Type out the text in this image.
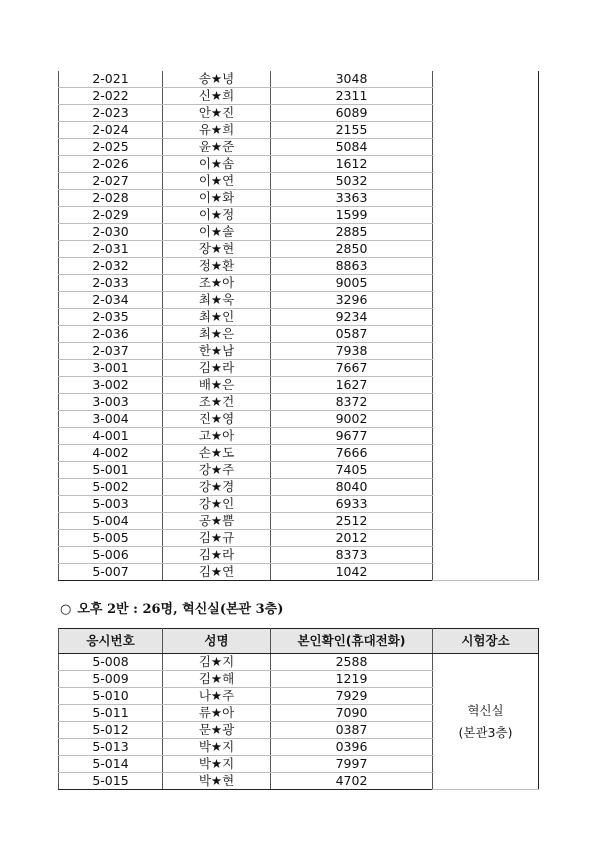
2-021	송★녕	3048	
2-022	신★희	2311	
2-023	안★진	6089	
2-024	유★희	2155	
2-025	윤★준	5084	
2-026	이★솜	1612	
2-027	이★연	5032	
2-028	이★화	3363	
2-029	이★정	1599	
2-030	이★솔	2885	
2-031	장★현	2850	
2-032	정★환	8863	
2-033	조★아	9005	
2-034	최★욱	3296	
2-035	최★인	9234	
2-036	최★은	0587	
2-037	한★남	7938	
3-001	김★라	7667	
3-002	배★은	1627	
3-003	조★건	8372	
3-004	진★영	9002	
4-001	고★아	9677	
4-002	손★도	7666	
5-001	강★주	7405	
5-002	강★경	8040	
5-003	강★인	6933	
5-004	공★쁨	2512	
5-005	김★규	2012	
5-006	김★라	8373	
5-007	김★연	1042	
○ 오후 2반 : 26명, 혁신실(본관 3층)
응시번호	성명	본인확인(휴대전화)	시험장소
5-008	김★지	2588	혁신실
(본관3층)

5-009	김★해	1219	
5-010	나★주	7929	
5-011	류★아	7090	
5-012	문★광	0387	
5-013	박★지	0396	
5-014	박★지	7997	
5-015	박★현	4702	
